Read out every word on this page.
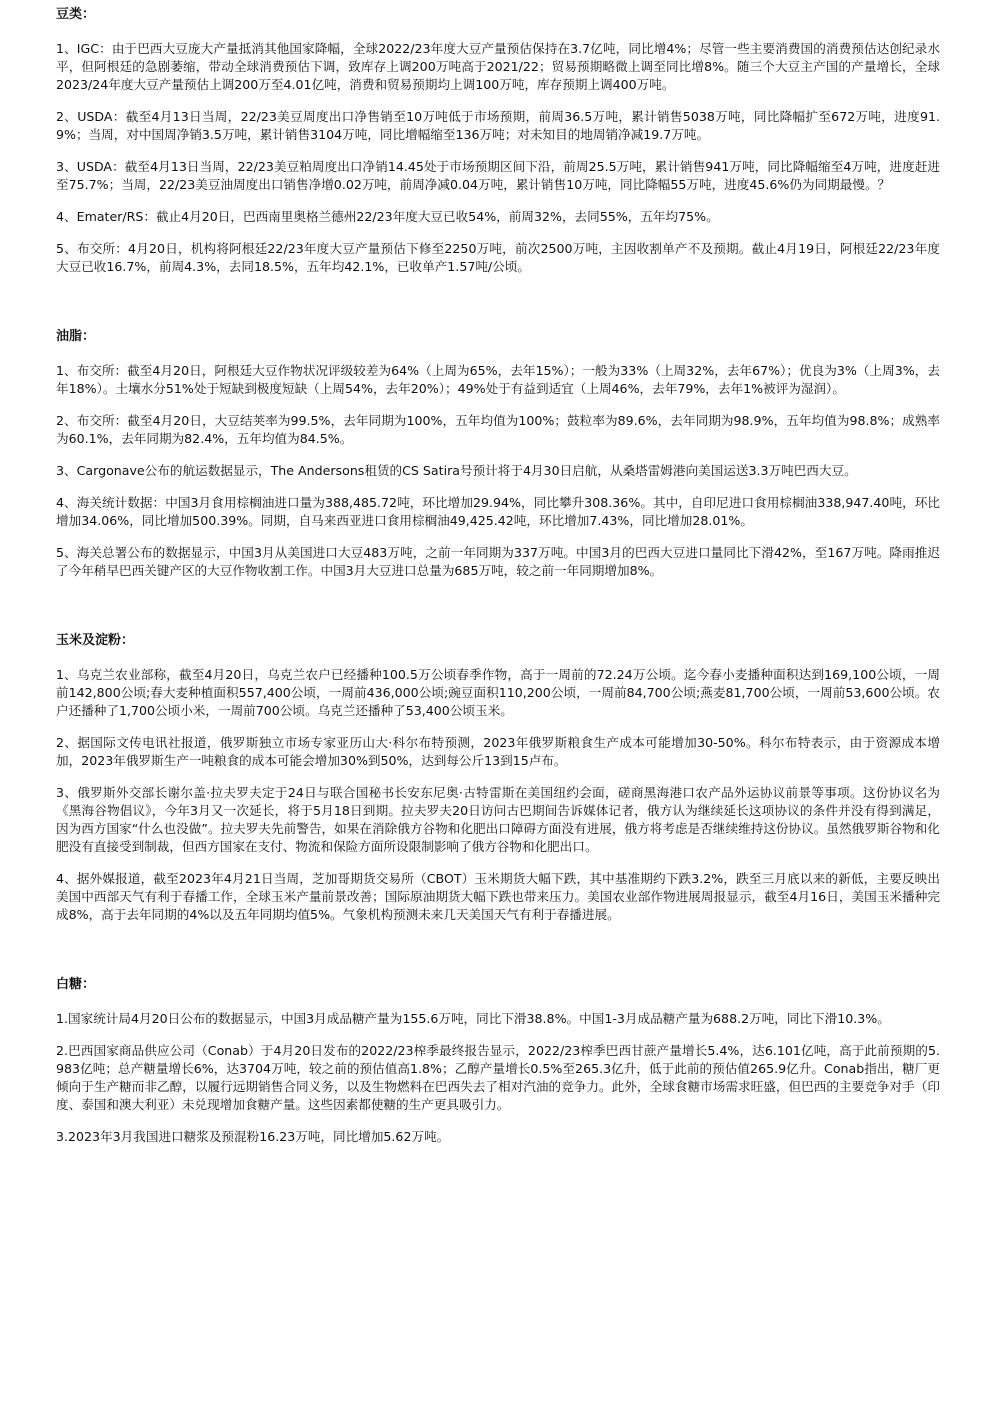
豆类：

1、IGC：由于巴西大豆庞大产量抵消其他国家降幅，全球2022/23年度大豆产量预估保持在3.7亿吨，同比增4%；尽管一些主要消费国的消费预估达创纪录水平，但阿根廷的急剧萎缩，带动全球消费预估下调，致库存上调200万吨高于2021/22；贸易预期略微上调至同比增8%。随三个大豆主产国的产量增长，全球2023/24年度大豆产量预估上调200万至4.01亿吨，消费和贸易预期均上调100万吨，库存预期上调400万吨。

2、USDA：截至4月13日当周，22/23美豆周度出口净售销至10万吨低于市场预期，前周36.5万吨，累计销售5038万吨，同比降幅扩至672万吨，进度91.9%；当周，对中国周净销3.5万吨，累计销售3104万吨，同比增幅缩至136万吨；对未知目的地周销净减19.7万吨。

3、USDA：截至4月13日当周，22/23美豆粕周度出口净销14.45处于市场预期区间下沿，前周25.5万吨，累计销售941万吨，同比降幅缩至4万吨，进度赶进至75.7%；当周，22/23美豆油周度出口销售净增0.02万吨，前周净减0.04万吨，累计销售10万吨，同比降幅55万吨，进度45.6%仍为同期最慢。？

4、Emater/RS：截止4月20日，巴西南里奥格兰德州22/23年度大豆已收54%，前周32%，去同55%，五年均75%。

5、布交所：4月20日，机构将阿根廷22/23年度大豆产量预估下修至2250万吨，前次2500万吨，主因收割单产不及预期。截止4月19日，阿根廷22/23年度大豆已收16.7%，前周4.3%，去同18.5%，五年均42.1%，已收单产1.57吨/公顷。

油脂：

1、布交所：截至4月20日，阿根廷大豆作物状况评级较差为64%（上周为65%，去年15%）；一般为33%（上周32%，去年67%）；优良为3%（上周3%，去年18%）。土壤水分51%处于短缺到极度短缺（上周54%，去年20%）；49%处于有益到适宜（上周46%，去年79%，去年1%被评为湿润）。

2、布交所：截至4月20日，大豆结荚率为99.5%，去年同期为100%，五年均值为100%；鼓粒率为89.6%，去年同期为98.9%，五年均值为98.8%；成熟率为60.1%，去年同期为82.4%，五年均值为84.5%。

3、Cargonave公布的航运数据显示，The Andersons租赁的CS Satira号预计将于4月30日启航，从桑塔雷姆港向美国运送3.3万吨巴西大豆。

4、海关统计数据：中国3月食用棕榈油进口量为388,485.72吨，环比增加29.94%，同比攀升308.36%。其中，自印尼进口食用棕榈油338,947.40吨，环比增加34.06%，同比增加500.39%。同期，自马来西亚进口食用棕榈油49,425.42吨，环比增加7.43%，同比增加28.01%。

5、海关总署公布的数据显示，中国3月从美国进口大豆483万吨，之前一年同期为337万吨。中国3月的巴西大豆进口量同比下滑42%，至167万吨。降雨推迟了今年稍早巴西关键产区的大豆作物收割工作。中国3月大豆进口总量为685万吨，较之前一年同期增加8%。

玉米及淀粉：

1、乌克兰农业部称，截至4月20日，乌克兰农户已经播种100.5万公顷春季作物，高于一周前的72.24万公顷。迄今春小麦播种面积达到169,100公顷，一周前142,800公顷;春大麦种植面积557,400公顷，一周前436,000公顷;豌豆面积110,200公顷，一周前84,700公顷;燕麦81,700公顷，一周前53,600公顷。农户还播种了1,700公顷小米，一周前700公顷。乌克兰还播种了53,400公顷玉米。

2、据国际文传电讯社报道，俄罗斯独立市场专家亚历山大·科尔布特预测，2023年俄罗斯粮食生产成本可能增加30-50%。科尔布特表示，由于资源成本增加，2023年俄罗斯生产一吨粮食的成本可能会增加30%到50%，达到每公斤13到15卢布。

3、俄罗斯外交部长谢尔盖·拉夫罗夫定于24日与联合国秘书长安东尼奥·古特雷斯在美国纽约会面，磋商黑海港口农产品外运协议前景等事项。这份协议名为《黑海谷物倡议》，今年3月又一次延长，将于5月18日到期。拉夫罗夫20日访问古巴期间告诉媒体记者，俄方认为继续延长这项协议的条件并没有得到满足，因为西方国家“什么也没做”。拉夫罗夫先前警告，如果在消除俄方谷物和化肥出口障碍方面没有进展，俄方将考虑是否继续维持这份协议。虽然俄罗斯谷物和化肥没有直接受到制裁，但西方国家在支付、物流和保险方面所设限制影响了俄方谷物和化肥出口。

4、据外媒报道，截至2023年4月21日当周，芝加哥期货交易所（CBOT）玉米期货大幅下跌，其中基准期约下跌3.2%，跌至三月底以来的新低，主要反映出美国中西部天气有利于春播工作，全球玉米产量前景改善；国际原油期货大幅下跌也带来压力。美国农业部作物进展周报显示，截至4月16日，美国玉米播种完成8%，高于去年同期的4%以及五年同期均值5%。气象机构预测未来几天美国天气有利于春播进展。

白糖：

1.国家统计局4月20日公布的数据显示，中国3月成品糖产量为155.6万吨，同比下滑38.8%。中国1-3月成品糖产量为688.2万吨，同比下滑10.3%。

2.巴西国家商品供应公司（Conab）于4月20日发布的2022/23榨季最终报告显示，2022/23榨季巴西甘蔗产量增长5.4%，达6.101亿吨，高于此前预期的5.983亿吨；总产糖量增长6%，达3704万吨，较之前的预估值高1.8%；乙醇产量增长0.5%至265.3亿升，低于此前的预估值265.9亿升。Conab指出，糖厂更倾向于生产糖而非乙醇，以履行远期销售合同义务，以及生物燃料在巴西失去了相对汽油的竞争力。此外，全球食糖市场需求旺盛，但巴西的主要竞争对手（印度、泰国和澳大利亚）未兑现增加食糖产量。这些因素都使糖的生产更具吸引力。

3.2023年3月我国进口糖浆及预混粉16.23万吨，同比增加5.62万吨。
